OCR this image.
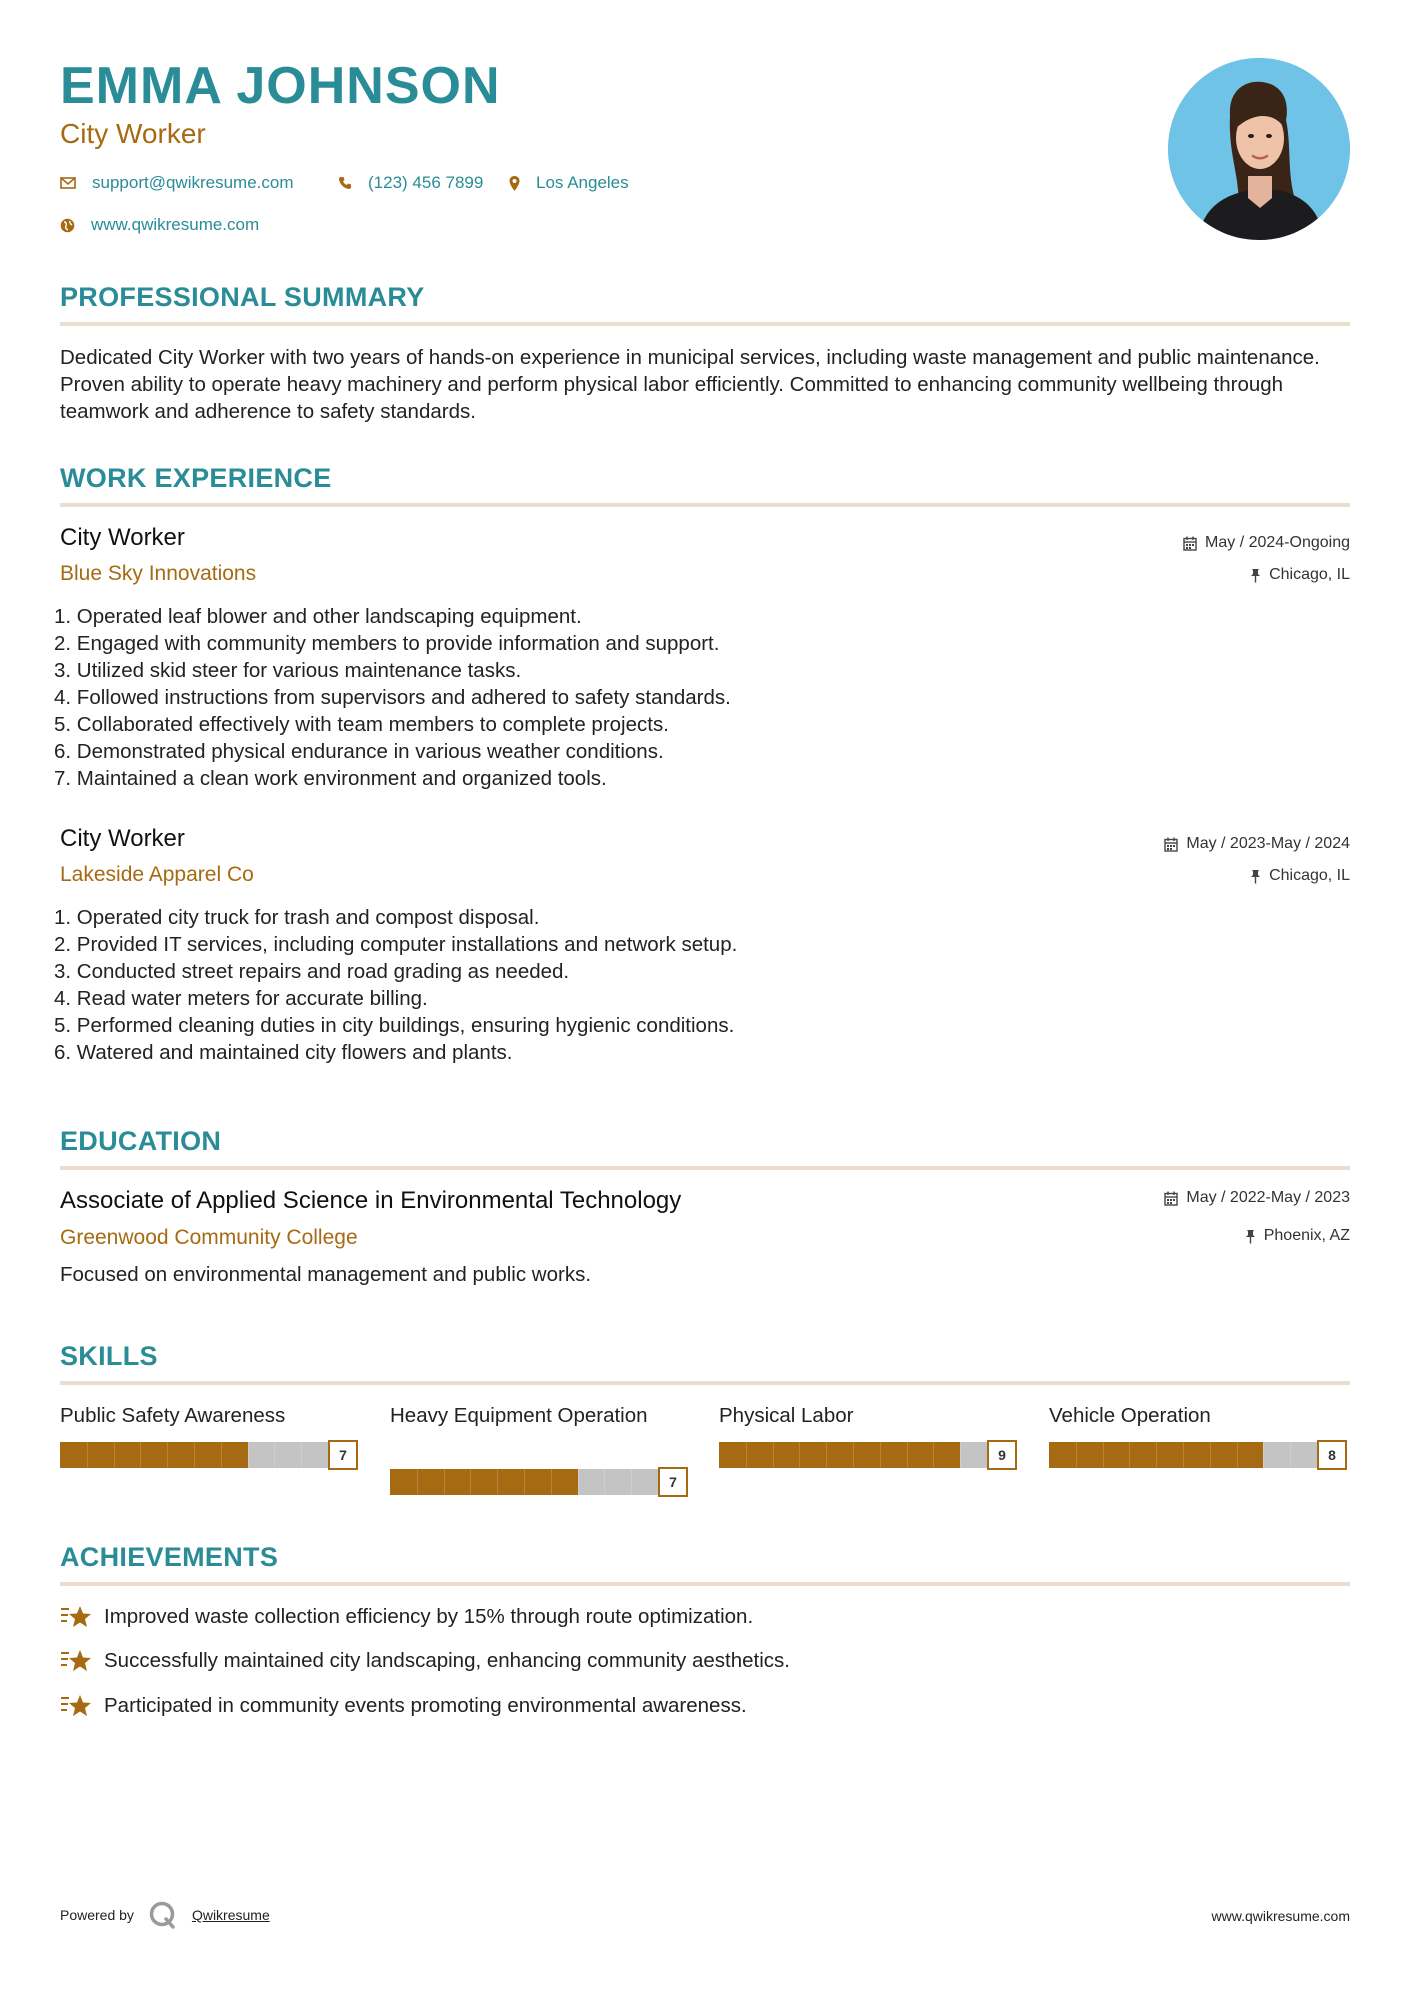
EMMA JOHNSON
City Worker
support@qwikresume.com	(123) 456 7899	Los Angeles
www.qwikresume.com
PROFESSIONAL SUMMARY
Dedicated City Worker with two years of hands-on experience in municipal services, including waste management and public maintenance. Proven ability to operate heavy machinery and perform physical labor efficiently. Committed to enhancing community wellbeing through teamwork and adherence to safety standards.
WORK EXPERIENCE
City Worker
Blue Sky Innovations
May / 2024-Ongoing
Chicago, IL
1. Operated leaf blower and other landscaping equipment.
2. Engaged with community members to provide information and support.
3. Utilized skid steer for various maintenance tasks.
4. Followed instructions from supervisors and adhered to safety standards.
5. Collaborated effectively with team members to complete projects.
6. Demonstrated physical endurance in various weather conditions.
7. Maintained a clean work environment and organized tools.
City Worker
Lakeside Apparel Co
May / 2023-May / 2024
Chicago, IL
1. Operated city truck for trash and compost disposal.
2. Provided IT services, including computer installations and network setup.
3. Conducted street repairs and road grading as needed.
4. Read water meters for accurate billing.
5. Performed cleaning duties in city buildings, ensuring hygienic conditions.
6. Watered and maintained city flowers and plants.
EDUCATION
Associate of Applied Science in Environmental Technology
Greenwood Community College
May / 2022-May / 2023
Phoenix, AZ
Focused on environmental management and public works.
SKILLS
Public Safety Awareness
7
Heavy Equipment Operation
7
Physical Labor
9
Vehicle Operation
8
ACHIEVEMENTS
Improved waste collection efficiency by 15% through route optimization.
Successfully maintained city landscaping, enhancing community aesthetics.
Participated in community events promoting environmental awareness.
Powered by	Qwikresume	www.qwikresume.com
